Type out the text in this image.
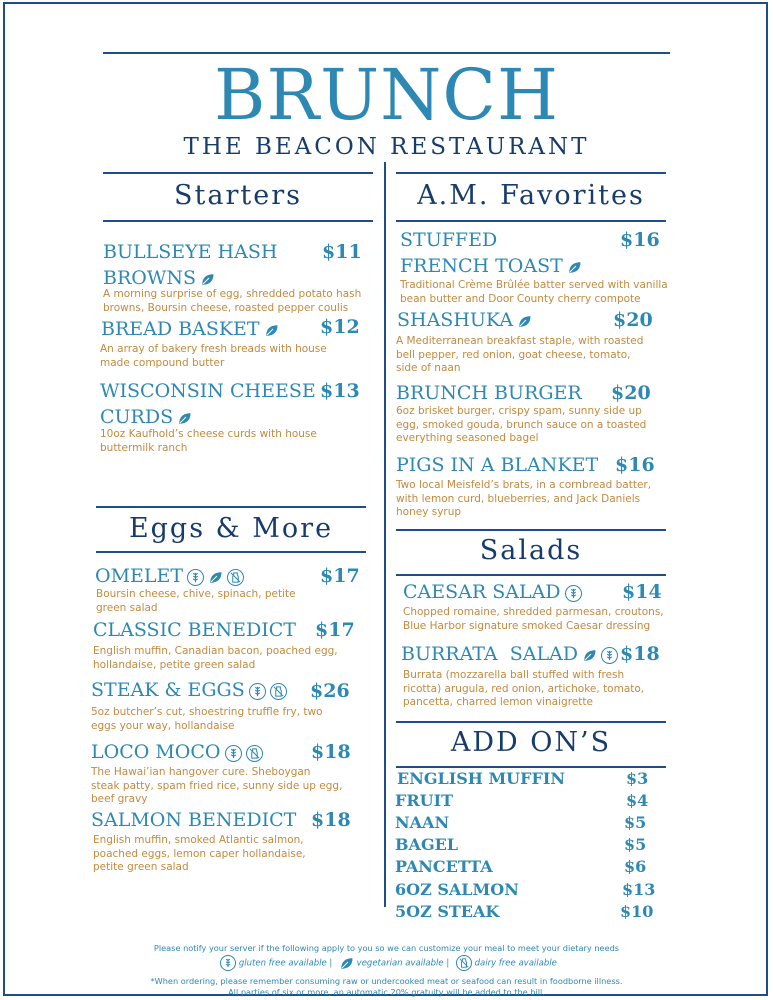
BRUNCH
THE BEACON RESTAURANT
Starters
BULLSEYE HASH
BROWNS
$11
A morning surprise of egg, shredded potato hash
browns, Boursin cheese, roasted pepper coulis
BREAD BASKET	$12
An array of bakery fresh breads with house
made compound butter
WISCONSIN CHEESE
CURDS
$13
10oz Kaufhold’s cheese curds with house
buttermilk ranch
Eggs & More
OMELET	$17
Boursin cheese, chive, spinach, petite
green salad
CLASSIC BENEDICT $17
English muffin, Canadian bacon, poached egg,
hollandaise, petite green salad
STEAK & EGGS	$26
5oz butcher’s cut, shoestring truffle fry, two
eggs your way, hollandaise
LOCO MOCO	$18
The Hawai’ian hangover cure. Sheboygan
steak patty, spam fried rice, sunny side up egg,
beef gravy
SALMON BENEDICT $18
English muffin, smoked Atlantic salmon,
poached eggs, lemon caper hollandaise,
petite green salad
A.M. Favorites
STUFFED
FRENCH TOAST
$16
Traditional Crème Brûlée batter served with vanilla
bean butter and Door County cherry compote
SHASHUKA	$20
A Mediterranean breakfast staple, with roasted
bell pepper, red onion, goat cheese, tomato,
side of naan
BRUNCH BURGER $20
6oz brisket burger, crispy spam, sunny side up
egg, smoked gouda, brunch sauce on a toasted
everything seasoned bagel
PIGS IN A BLANKET $16
Two local Meisfeld’s brats, in a cornbread batter,
with lemon curd, blueberries, and Jack Daniels
honey syrup
Salads
CAESAR SALAD	$14
Chopped romaine, shredded parmesan, croutons,
Blue Harbor signature smoked Caesar dressing
BURRATA  SALAD	$18
Burrata (mozzarella ball stuffed with fresh
ricotta) arugula, red onion, artichoke, tomato,
pancetta, charred lemon vinaigrette
ADD ON’S
ENGLISH MUFFIN	$3
FRUIT	$4
NAAN	$5
BAGEL	$5
PANCETTA	$6
6OZ SALMON	$13
5OZ STEAK	$10
Please notify your server if the following apply to you so we can customize your meal to meet your dietary needs
gluten free available |	vegetarian available |	dairy free available
*When ordering, please remember consuming raw or undercooked meat or seafood can result in foodborne illness.
All parties of six or more, an automatic 20% gratuity will be added to the bill.
